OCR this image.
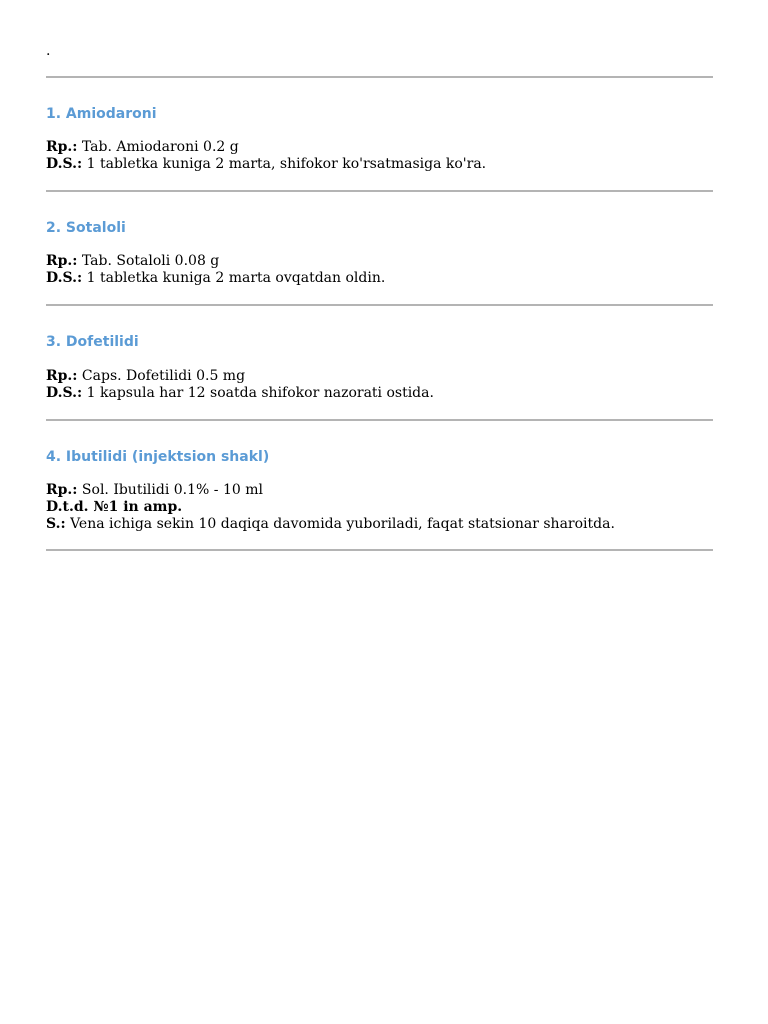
.
1. Amiodaroni
Rp.: Tab. Amiodaroni 0.2 g
D.S.: 1 tabletka kuniga 2 marta, shifokor ko'rsatmasiga ko'ra.
2. Sotaloli
Rp.: Tab. Sotaloli 0.08 g
D.S.: 1 tabletka kuniga 2 marta ovqatdan oldin.
3. Dofetilidi
Rp.: Caps. Dofetilidi 0.5 mg
D.S.: 1 kapsula har 12 soatda shifokor nazorati ostida.
4. Ibutilidi (injektsion shakl)
Rp.: Sol. Ibutilidi 0.1% - 10 ml
D.t.d. №1 in amp.
S.: Vena ichiga sekin 10 daqiqa davomida yuboriladi, faqat statsionar sharoitda.
